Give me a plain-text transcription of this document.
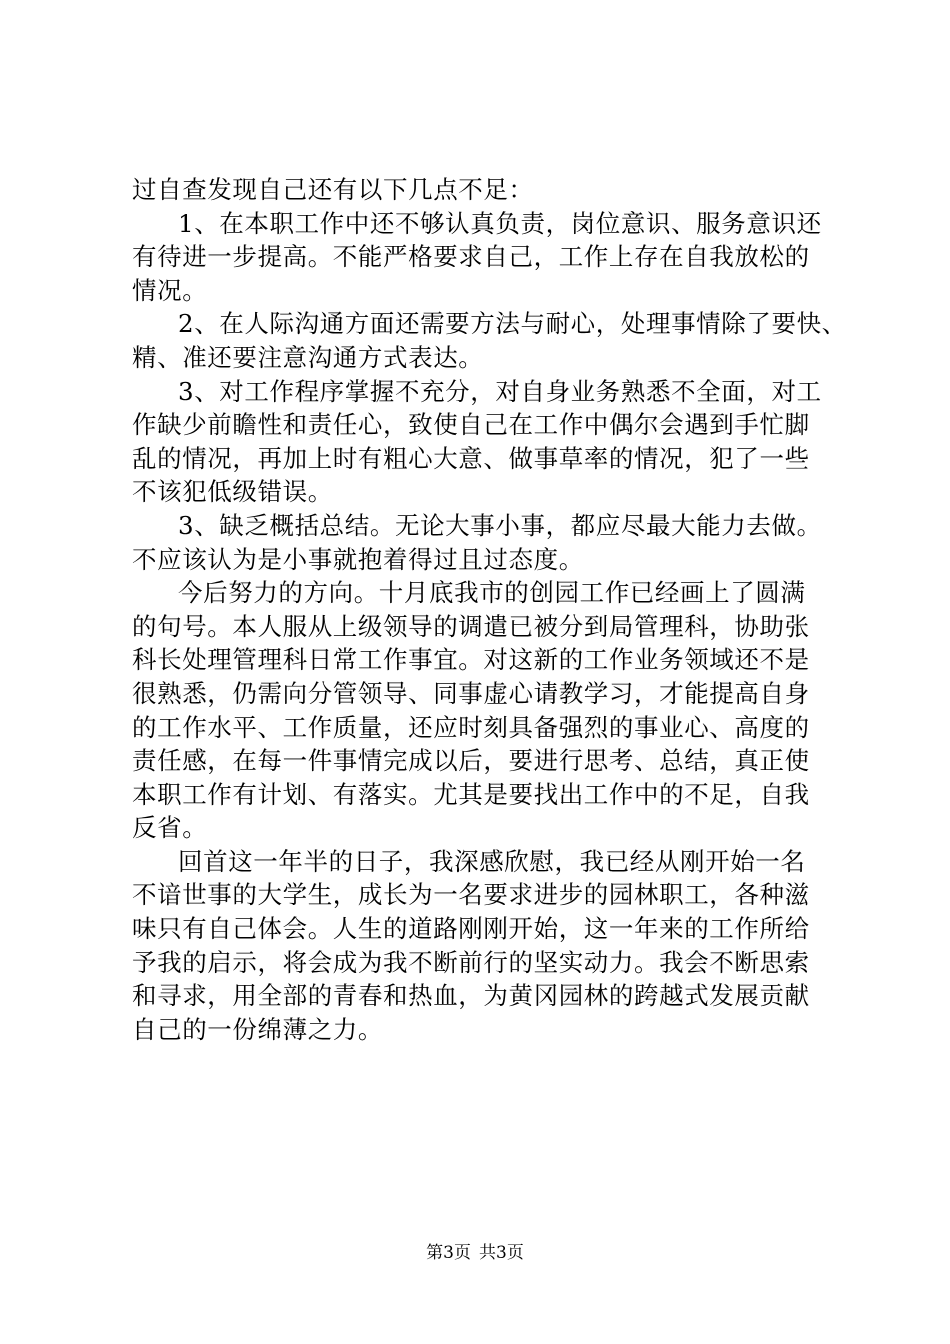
过自查发现自己还有以下几点不足：
1、在本职工作中还不够认真负责，岗位意识、服务意识还
有待进一步提高。不能严格要求自己，工作上存在自我放松的
情况。
2、在人际沟通方面还需要方法与耐心，处理事情除了要快、
精、准还要注意沟通方式表达。
3、对工作程序掌握不充分，对自身业务熟悉不全面，对工
作缺少前瞻性和责任心，致使自己在工作中偶尔会遇到手忙脚
乱的情况，再加上时有粗心大意、做事草率的情况，犯了一些
不该犯低级错误。
3、缺乏概括总结。无论大事小事，都应尽最大能力去做。
不应该认为是小事就抱着得过且过态度。
今后努力的方向。十月底我市的创园工作已经画上了圆满
的句号。本人服从上级领导的调遣已被分到局管理科，协助张
科长处理管理科日常工作事宜。对这新的工作业务领域还不是
很熟悉，仍需向分管领导、同事虚心请教学习，才能提高自身
的工作水平、工作质量，还应时刻具备强烈的事业心、高度的
责任感，在每一件事情完成以后，要进行思考、总结，真正使
本职工作有计划、有落实。尤其是要找出工作中的不足，自我
反省。
回首这一年半的日子，我深感欣慰，我已经从刚开始一名
不谙世事的大学生，成长为一名要求进步的园林职工，各种滋
味只有自己体会。人生的道路刚刚开始，这一年来的工作所给
予我的启示，将会成为我不断前行的坚实动力。我会不断思索
和寻求，用全部的青春和热血，为黄冈园林的跨越式发展贡献
自己的一份绵薄之力。
第3页 共3页
